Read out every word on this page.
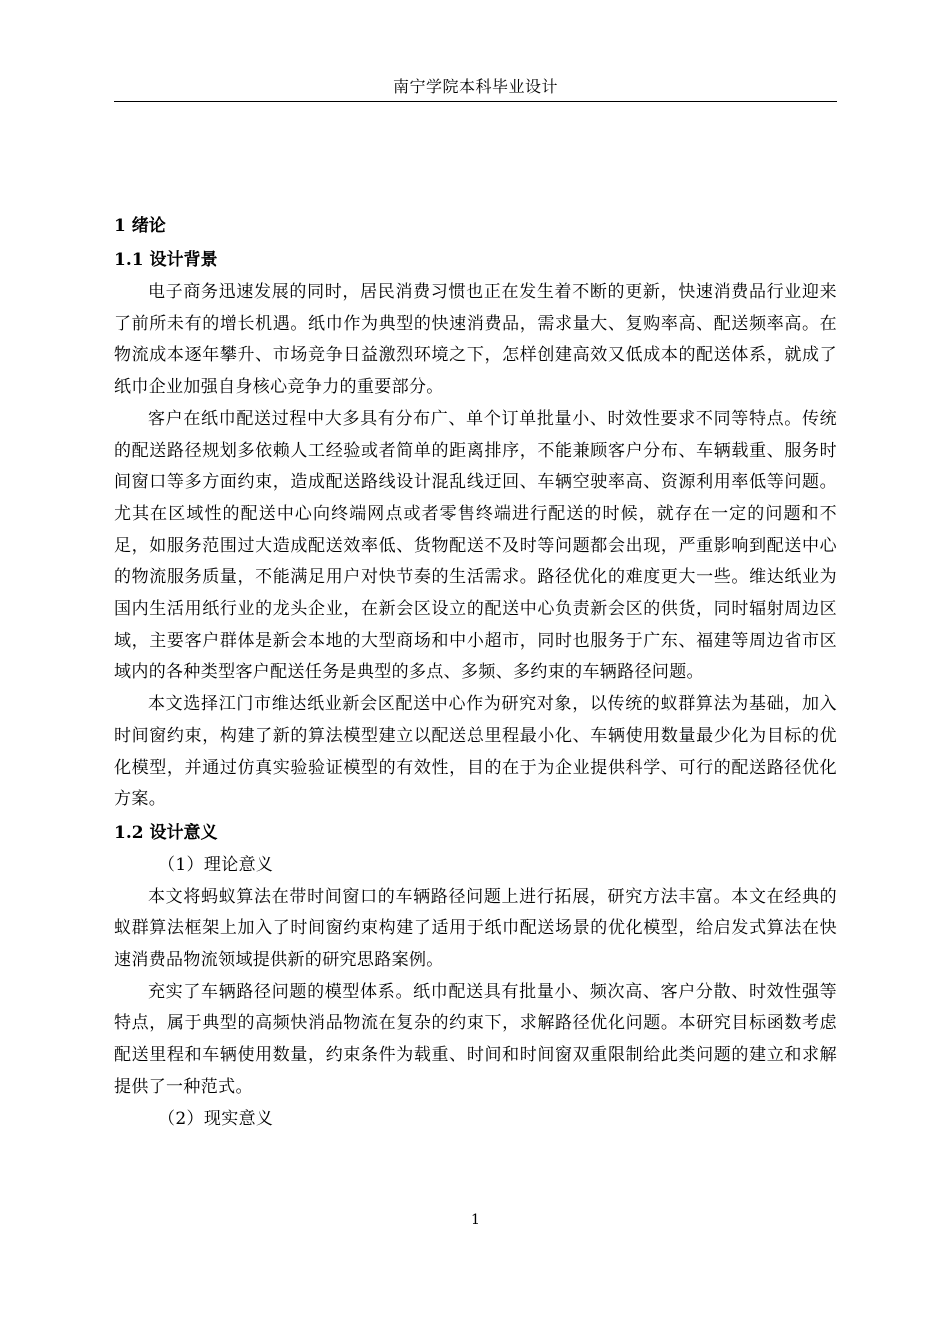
南宁学院本科毕业设计
1 绪论
1.1 设计背景

电子商务迅速发展的同时，居民消费习惯也正在发生着不断的更新，快速消费品行业迎来了前所未有的增长机遇。纸巾作为典型的快速消费品，需求量大、复购率高、配送频率高。在物流成本逐年攀升、市场竞争日益激烈环境之下，怎样创建高效又低成本的配送体系，就成了纸巾企业加强自身核心竞争力的重要部分。

客户在纸巾配送过程中大多具有分布广、单个订单批量小、时效性要求不同等特点。传统的配送路径规划多依赖人工经验或者简单的距离排序，不能兼顾客户分布、车辆载重、服务时间窗口等多方面约束，造成配送路线设计混乱线迂回、车辆空驶率高、资源利用率低等问题。尤其在区域性的配送中心向终端网点或者零售终端进行配送的时候，就存在一定的问题和不足，如服务范围过大造成配送效率低、货物配送不及时等问题都会出现，严重影响到配送中心的物流服务质量，不能满足用户对快节奏的生活需求。路径优化的难度更大一些。维达纸业为国内生活用纸行业的龙头企业，在新会区设立的配送中心负责新会区的供货，同时辐射周边区域，主要客户群体是新会本地的大型商场和中小超市，同时也服务于广东、福建等周边省市区域内的各种类型客户配送任务是典型的多点、多频、多约束的车辆路径问题。

本文选择江门市维达纸业新会区配送中心作为研究对象，以传统的蚁群算法为基础，加入时间窗约束，构建了新的算法模型建立以配送总里程最小化、车辆使用数量最少化为目标的优化模型，并通过仿真实验验证模型的有效性，目的在于为企业提供科学、可行的配送路径优化方案。

1.2 设计意义

（1）理论意义

本文将蚂蚁算法在带时间窗口的车辆路径问题上进行拓展，研究方法丰富。本文在经典的蚁群算法框架上加入了时间窗约束构建了适用于纸巾配送场景的优化模型，给启发式算法在快速消费品物流领域提供新的研究思路案例。

充实了车辆路径问题的模型体系。纸巾配送具有批量小、频次高、客户分散、时效性强等特点，属于典型的高频快消品物流在复杂的约束下，求解路径优化问题。本研究目标函数考虑配送里程和车辆使用数量，约束条件为载重、时间和时间窗双重限制给此类问题的建立和求解提供了一种范式。

（2）现实意义

1
